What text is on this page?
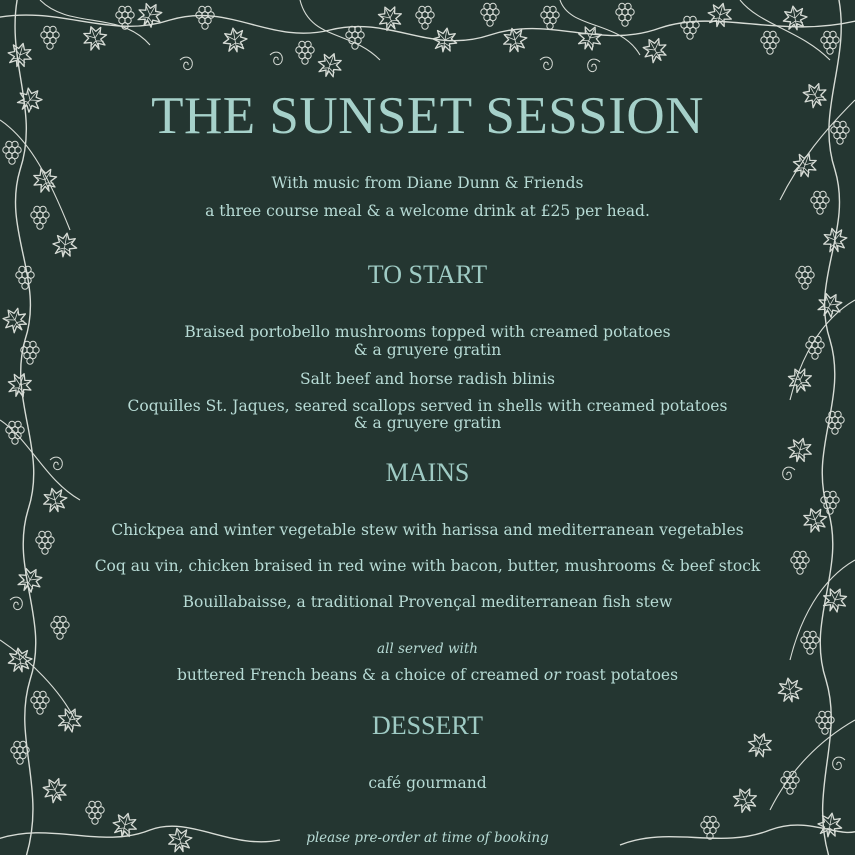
THE SUNSET SESSION
With music from Diane Dunn & Friends
a three course meal & a welcome drink at £25 per head.
TO START
Braised portobello mushrooms topped with creamed potatoes
& a gruyere gratin
Salt beef and horse radish blinis
Coquilles St. Jaques, seared scallops served in shells with creamed potatoes
& a gruyere gratin
MAINS
Chickpea and winter vegetable stew with harissa and mediterranean vegetables
Coq au vin, chicken braised in red wine with bacon, butter, mushrooms & beef stock
Bouillabaisse, a traditional Provençal mediterranean fish stew
all served with
buttered French beans & a choice of creamed or roast potatoes
DESSERT
café gourmand
please pre-order at time of booking
